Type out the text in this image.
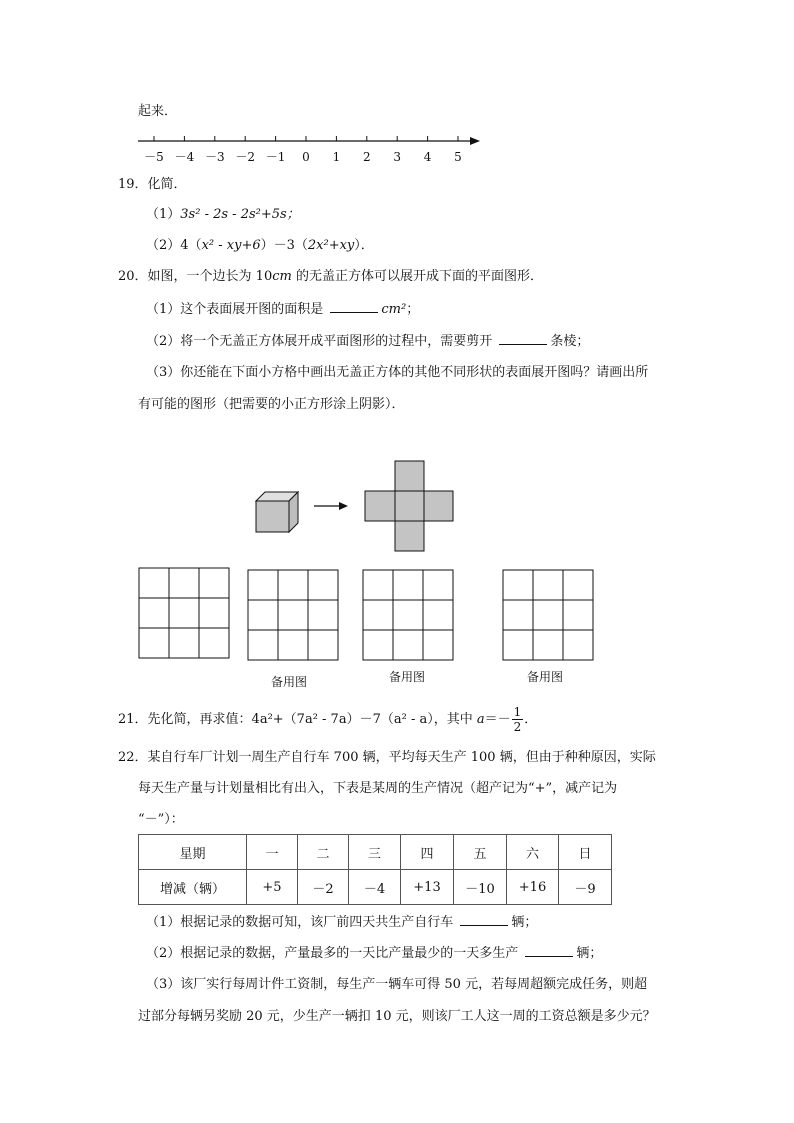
起来．
－5 －4 －3 －2 －1	0	1	2	3	4	5
19．化简．
（1）3s² - 2s - 2s²+5s；
（2）4（x² - xy+6）－3（2x²+xy）．
20．如图，一个边长为 10cm 的无盖正方体可以展开成下面的平面图形．
（1）这个表面展开图的面积是	cm²；
（2）将一个无盖正方体展开成平面图形的过程中，需要剪开	条棱；
（3）你还能在下面小方格中画出无盖正方体的其他不同形状的表面展开图吗？请画出所
有可能的图形（把需要的小正方形涂上阴影）．
备用图	备用图	备用图
21．先化简，再求值：4a²+（7a² - 7a）－7（a² - a），其中 $a=- \frac{1}{2}$ ．
22．某自行车厂计划一周生产自行车 700 辆，平均每天生产 100 辆，但由于种种原因，实际
每天生产量与计划量相比有出入，下表是某周的生产情况（超产记为“+”，减产记为
“－”）：
星期	一	二	三	四	五	六	日
增减（辆）	+5	－2	－4	+13	－10	+16	－9
（1）根据记录的数据可知，该厂前四天共生产自行车	辆；
（2）根据记录的数据，产量最多的一天比产量最少的一天多生产	辆；
（3）该厂实行每周计件工资制，每生产一辆车可得 50 元，若每周超额完成任务，则超
过部分每辆另奖励 20 元，少生产一辆扣 10 元，则该厂工人这一周的工资总额是多少元？
